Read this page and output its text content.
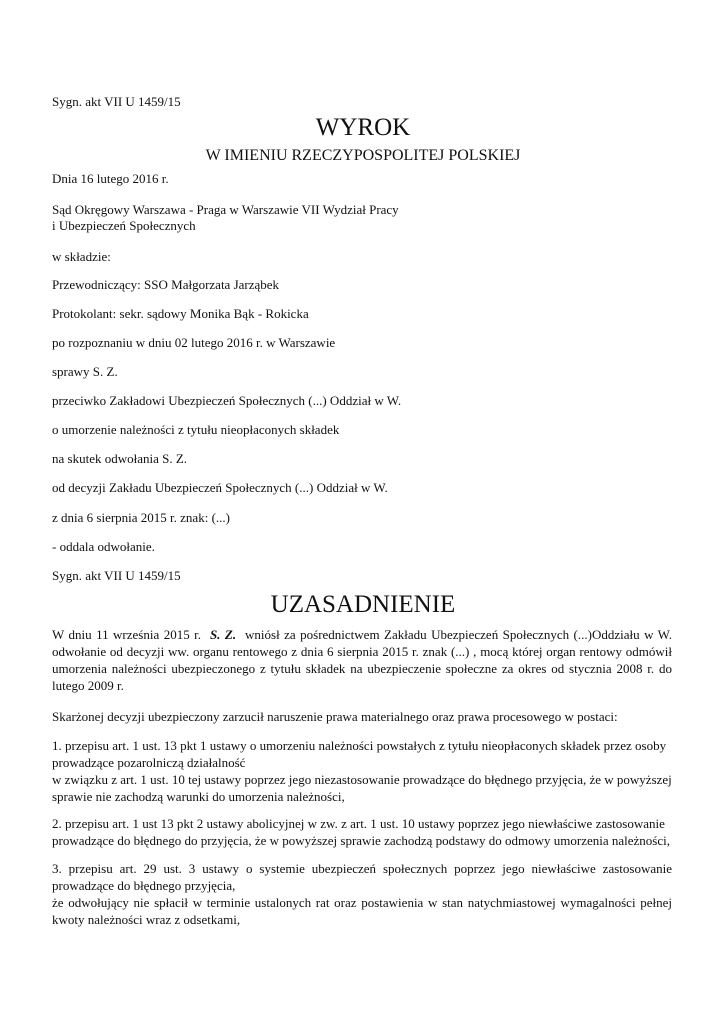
Sygn. akt VII U 1459/15
WYROK
W IMIENIU RZECZYPOSPOLITEJ POLSKIEJ
Dnia 16 lutego 2016 r.
Sąd Okręgowy Warszawa - Praga w Warszawie VII Wydział Pracy
i Ubezpieczeń Społecznych
w składzie:
Przewodniczący: SSO Małgorzata Jarząbek
Protokolant: sekr. sądowy Monika Bąk - Rokicka
po rozpoznaniu w dniu 02 lutego 2016 r. w Warszawie
sprawy S. Z.
przeciwko Zakładowi Ubezpieczeń Społecznych (...) Oddział w W.
o umorzenie należności z tytułu nieopłaconych składek
na skutek odwołania S. Z.
od decyzji Zakładu Ubezpieczeń Społecznych (...) Oddział w W.
z dnia 6 sierpnia 2015 r. znak: (...)
- oddala odwołanie.
Sygn. akt VII U 1459/15
UZASADNIENIE
W dniu 11 września 2015 r. S. Z. wniósł za pośrednictwem Zakładu Ubezpieczeń Społecznych (...)Oddziału w W.
odwołanie od decyzji ww. organu rentowego z dnia 6 sierpnia 2015 r. znak (...) , mocą której organ rentowy odmówił
umorzenia należności ubezpieczonego z tytułu składek na ubezpieczenie społeczne za okres od stycznia 2008 r. do
lutego 2009 r.
Skarżonej decyzji ubezpieczony zarzucił naruszenie prawa materialnego oraz prawa procesowego w postaci:
1. przepisu art. 1 ust. 13 pkt 1 ustawy o umorzeniu należności powstałych z tytułu nieopłaconych składek przez osoby
prowadzące pozarolniczą działalność
w związku z art. 1 ust. 10 tej ustawy poprzez jego niezastosowanie prowadzące do błędnego przyjęcia, że w powyższej
sprawie nie zachodzą warunki do umorzenia należności,
2. przepisu art. 1 ust 13 pkt 2 ustawy abolicyjnej w zw. z art. 1 ust. 10 ustawy poprzez jego niewłaściwe zastosowanie
prowadzące do błędnego do przyjęcia, że w powyższej sprawie zachodzą podstawy do odmowy umorzenia należności,
3. przepisu art. 29 ust. 3 ustawy o systemie ubezpieczeń społecznych poprzez jego niewłaściwe zastosowanie
prowadzące do błędnego przyjęcia,
że odwołujący nie spłacił w terminie ustalonych rat oraz postawienia w stan natychmiastowej wymagalności pełnej
kwoty należności wraz z odsetkami,
